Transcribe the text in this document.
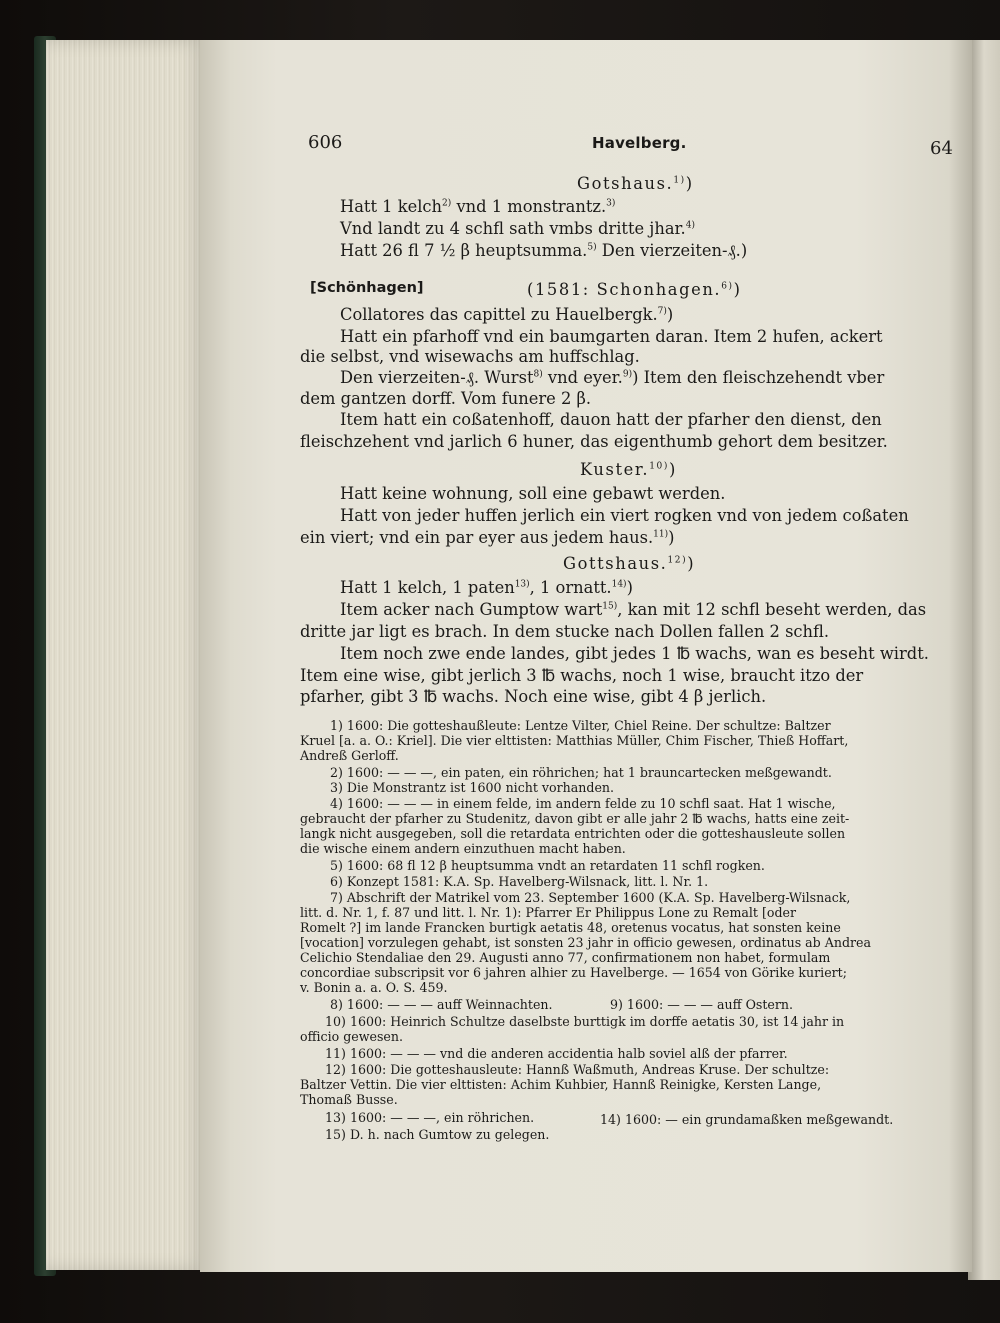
606	Havelberg.	64
Gotshaus.$^{1)}$)
Hatt 1 kelch$^{2)}$ vnd 1 monstrantz.$^{3)}$
Vnd landt zu 4 schfl sath vmbs dritte jhar.$^{4)}$
Hatt 26 fl 7 ½ β heuptsumma.$^{5)}$ Den vierzeiten-₰.)
[Schönhagen]	(1581: Schonhagen.$^{6)}$)
Collatores das capittel zu Hauelbergk.$^{7)}$)
Hatt ein pfarhoff vnd ein baumgarten daran. Item 2 hufen, ackert
die selbst, vnd wisewachs am huffschlag.
Den vierzeiten-₰. Wurst$^{8)}$ vnd eyer.$^{9)}$) Item den fleischzehendt vber
dem gantzen dorff. Vom funere 2 β.
Item hatt ein coßatenhoff, dauon hatt der pfarher den dienst, den
fleischzehent vnd jarlich 6 huner, das eigenthumb gehort dem besitzer.
Kuster.$^{10)}$)
Hatt keine wohnung, soll eine gebawt werden.
Hatt von jeder huffen jerlich ein viert rogken vnd von jedem coßaten
ein viert; vnd ein par eyer aus jedem haus.$^{11)}$)
Gottshaus.$^{12)}$)
Hatt 1 kelch, 1 paten$^{13)}$, 1 ornatt.$^{14)}$)
Item acker nach Gumptow wart$^{15)}$, kan mit 12 schfl beseht werden, das
dritte jar ligt es brach. In dem stucke nach Dollen fallen 2 schfl.
Item noch zwe ende landes, gibt jedes 1 ℔ wachs, wan es beseht wirdt.
Item eine wise, gibt jerlich 3 ℔ wachs, noch 1 wise, braucht itzo der
pfarher, gibt 3 ℔ wachs. Noch eine wise, gibt 4 β jerlich.
1) 1600: Die gotteshaußleute: Lentze Vilter, Chiel Reine. Der schultze: Baltzer
Kruel [a. a. O.: Kriel]. Die vier elttisten: Matthias Müller, Chim Fischer, Thieß Hoffart,
Andreß Gerloff.
2) 1600: — — —, ein paten, ein röhrichen; hat 1 brauncartecken meßgewandt.
3) Die Monstrantz ist 1600 nicht vorhanden.
4) 1600: — — — in einem felde, im andern felde zu 10 schfl saat. Hat 1 wische,
gebraucht der pfarher zu Studenitz, davon gibt er alle jahr 2 ℔ wachs, hatts eine zeit-
langk nicht ausgegeben, soll die retardata entrichten oder die gotteshausleute sollen
die wische einem andern einzuthuen macht haben.
5) 1600: 68 fl 12 β heuptsumma vndt an retardaten 11 schfl rogken.
6) Konzept 1581: K.A. Sp. Havelberg-Wilsnack, litt. l. Nr. 1.
7) Abschrift der Matrikel vom 23. September 1600 (K.A. Sp. Havelberg-Wilsnack,
litt. d. Nr. 1, f. 87 und litt. l. Nr. 1): Pfarrer Er Philippus Lone zu Remalt [oder
Romelt ?] im lande Francken burtigk aetatis 48, oretenus vocatus, hat sonsten keine
[vocation] vorzulegen gehabt, ist sonsten 23 jahr in officio gewesen, ordinatus ab Andrea
Celichio Stendaliae den 29. Augusti anno 77, confirmationem non habet, formulam
concordiae subscripsit vor 6 jahren alhier zu Havelberge. — 1654 von Görike kuriert;
v. Bonin a. a. O. S. 459.
8) 1600: — — — auff Weinnachten.	9) 1600: — — — auff Ostern.
10) 1600: Heinrich Schultze daselbste burttigk im dorffe aetatis 30, ist 14 jahr in
officio gewesen.
11) 1600: — — — vnd die anderen accidentia halb soviel alß der pfarrer.
12) 1600: Die gotteshausleute: Hannß Waßmuth, Andreas Kruse. Der schultze:
Baltzer Vettin. Die vier elttisten: Achim Kuhbier, Hannß Reinigke, Kersten Lange,
Thomaß Busse.
13) 1600: — — —, ein röhrichen.	14) 1600: — ein grundamaßken meßgewandt.
15) D. h. nach Gumtow zu gelegen.
